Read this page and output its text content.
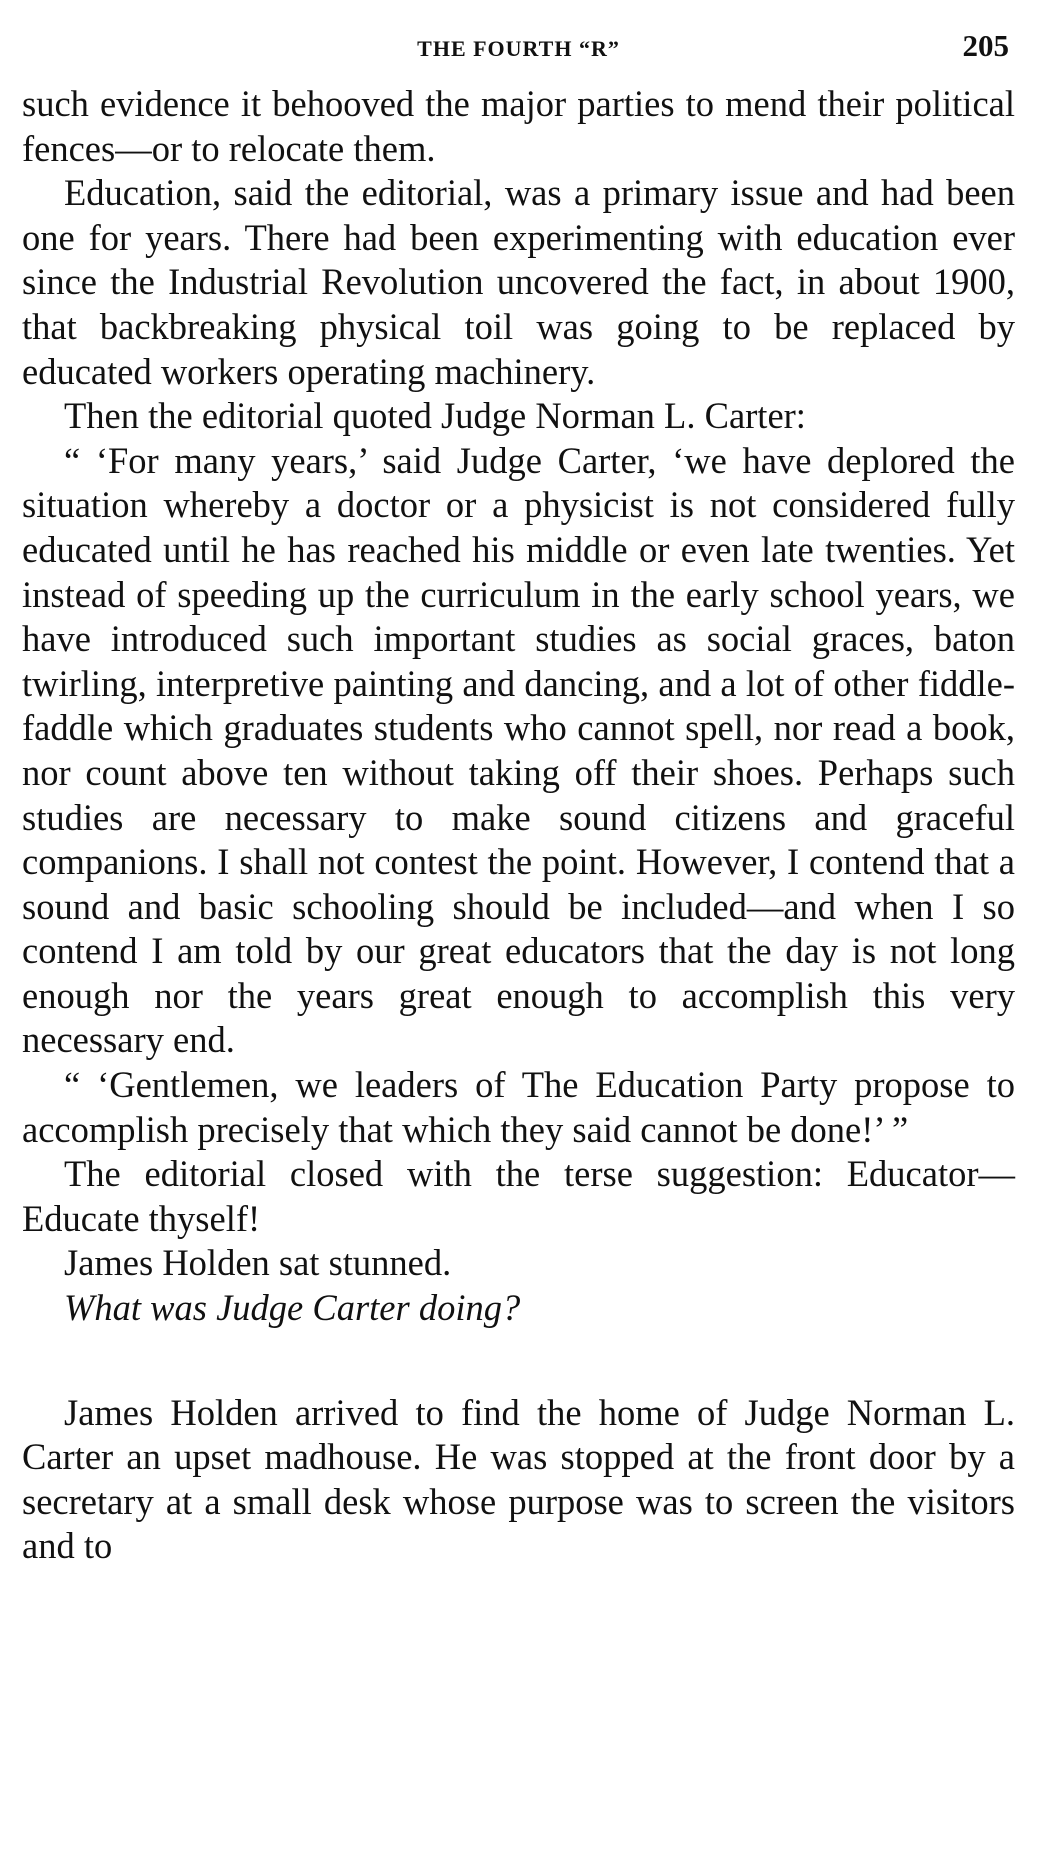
THE FOURTH “R”	205

such evidence it behooved the major parties to mend their political fences—or to relocate them.

Education, said the editorial, was a primary issue and had been one for years. There had been experimenting with education ever since the Industrial Revolution uncovered the fact, in about 1900, that backbreaking physical toil was going to be replaced by educated workers operating machinery.

Then the editorial quoted Judge Norman L. Carter:

“ ‘For many years,’ said Judge Carter, ‘we have deplored the situation whereby a doctor or a physicist is not considered fully educated until he has reached his middle or even late twenties. Yet instead of speeding up the curriculum in the early school years, we have introduced such important studies as social graces, baton twirling, interpretive painting and dancing, and a lot of other fiddle-faddle which graduates students who cannot spell, nor read a book, nor count above ten without taking off their shoes. Perhaps such studies are necessary to make sound citizens and graceful companions. I shall not contest the point. However, I contend that a sound and basic schooling should be included—and when I so contend I am told by our great educators that the day is not long enough nor the years great enough to accomplish this very necessary end.

“ ‘Gentlemen, we leaders of The Education Party propose to accomplish precisely that which they said cannot be done!’ ”

The editorial closed with the terse suggestion: Educator—Educate thyself!

James Holden sat stunned.

What was Judge Carter doing?

James Holden arrived to find the home of Judge Norman L. Carter an upset madhouse. He was stopped at the front door by a secretary at a small desk whose purpose was to screen the visitors and to
